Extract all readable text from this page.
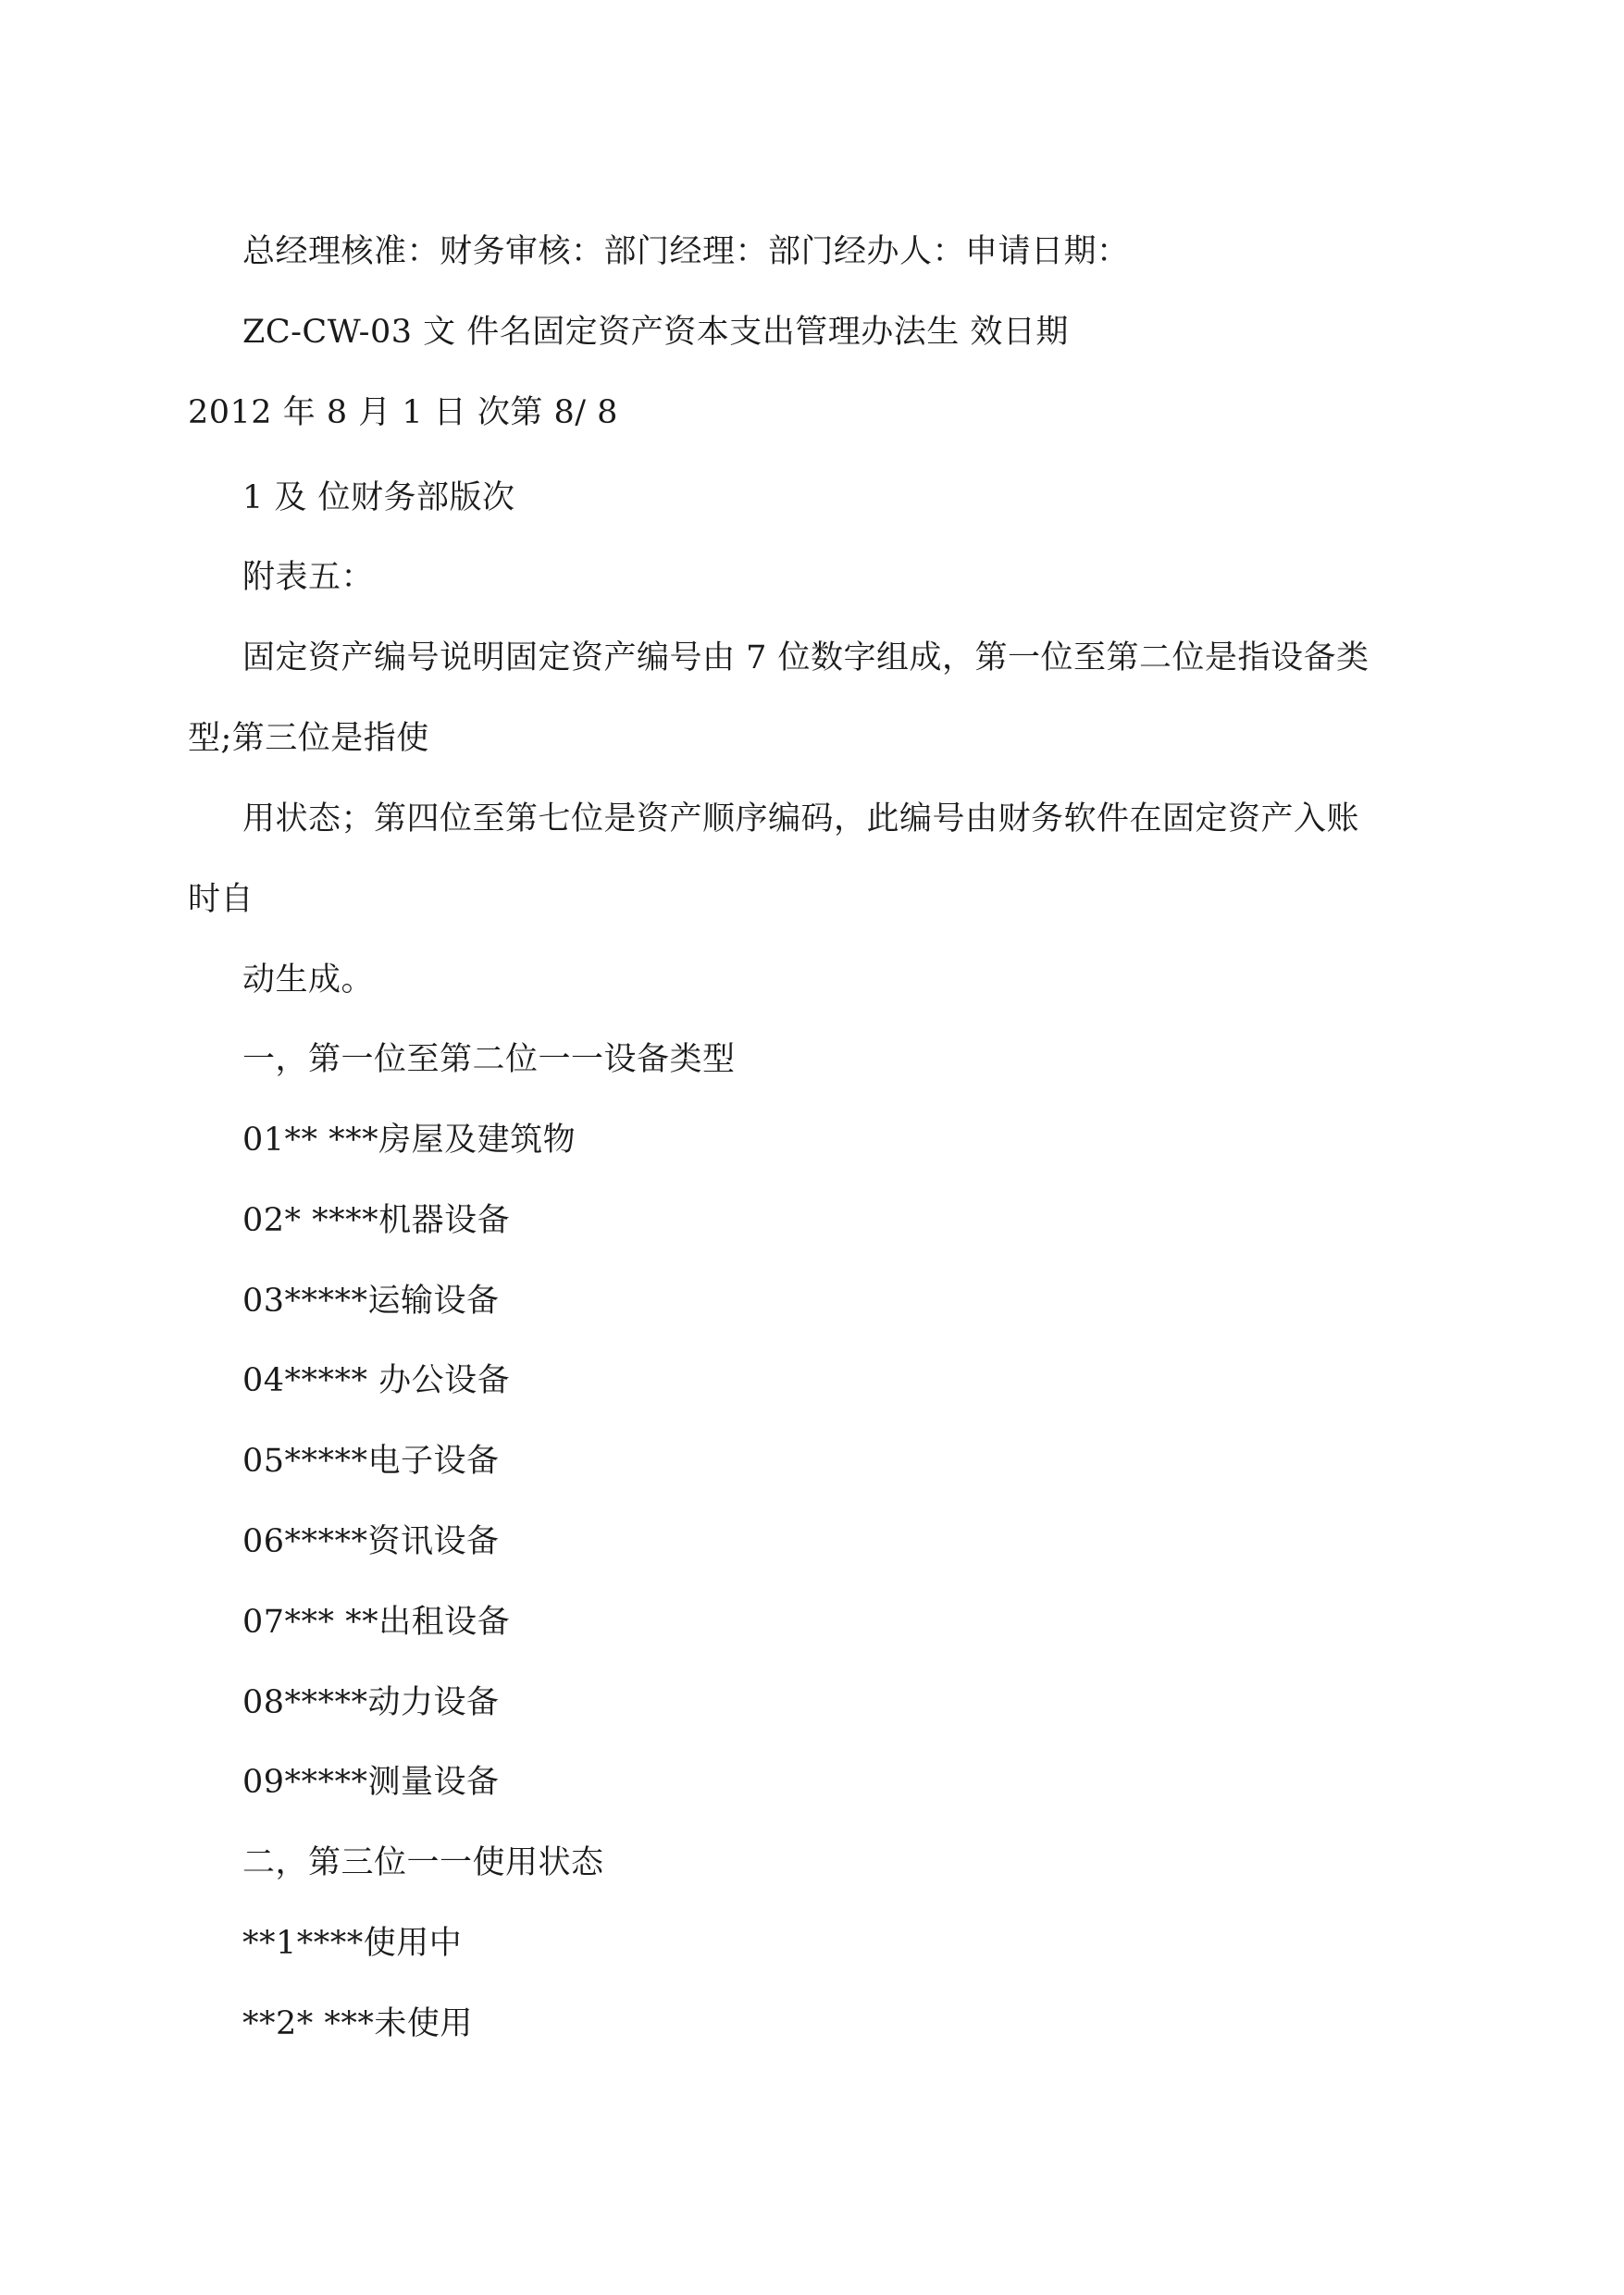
总经理核准：财务审核：部门经理：部门经办人：申请日期：
ZC-CW-03 文 件名固定资产资本支出管理办法生 效日期
2012 年 8 月 1 日 次第 8/ 8
1 及 位财务部版次
附表五：
固定资产编号说明固定资产编号由 7 位数字组成，第一位至第二位是指设备类
型;第三位是指使
用状态；第四位至第七位是资产顺序编码，此编号由财务软件在固定资产入账
时自
动生成。
一，第一位至第二位一一设备类型
01** ***房屋及建筑物
02* ****机器设备
03*****运输设备
04***** 办公设备
05*****电子设备
06*****资讯设备
07*** **出租设备
08*****动力设备
09*****测量设备
二，第三位一一使用状态
**1****使用中
**2* ***未使用
